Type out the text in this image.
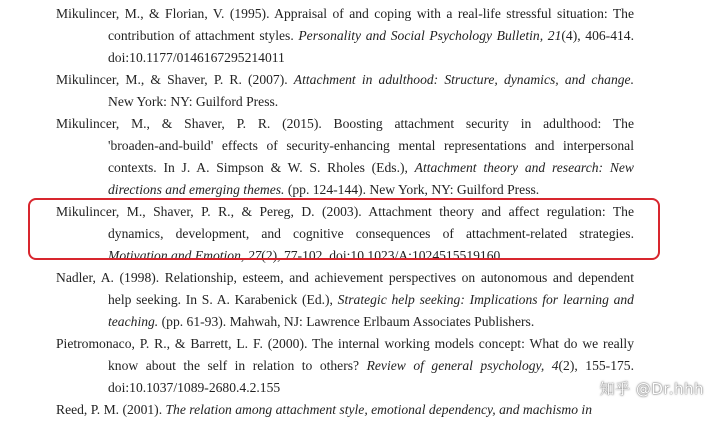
Mikulincer, M., & Florian, V. (1995). Appraisal of and coping with a real-life stressful situation: The
contribution of attachment styles. Personality and Social Psychology Bulletin, 21(4), 406-414.
doi:10.1177/0146167295214011
Mikulincer, M., & Shaver, P. R. (2007). Attachment in adulthood: Structure, dynamics, and change.
New York: NY: Guilford Press.
Mikulincer, M., & Shaver, P. R. (2015). Boosting attachment security in adulthood: The
'broaden-and-build' effects of security-enhancing mental representations and interpersonal
contexts. In J. A. Simpson & W. S. Rholes (Eds.), Attachment theory and research: New
directions and emerging themes. (pp. 124-144). New York, NY: Guilford Press.
Mikulincer, M., Shaver, P. R., & Pereg, D. (2003). Attachment theory and affect regulation: The
dynamics, development, and cognitive consequences of attachment-related strategies.
Motivation and Emotion, 27(2), 77-102. doi:10.1023/A:1024515519160
Nadler, A. (1998). Relationship, esteem, and achievement perspectives on autonomous and dependent
help seeking. In S. A. Karabenick (Ed.), Strategic help seeking: Implications for learning and
teaching. (pp. 61-93). Mahwah, NJ: Lawrence Erlbaum Associates Publishers.
Pietromonaco, P. R., & Barrett, L. F. (2000). The internal working models concept: What do we really
know about the self in relation to others? Review of general psychology, 4(2), 155-175.
doi:10.1037/1089-2680.4.2.155
Reed, P. M. (2001). The relation among attachment style, emotional dependency, and machismo in
知乎 @Dr.hhh
